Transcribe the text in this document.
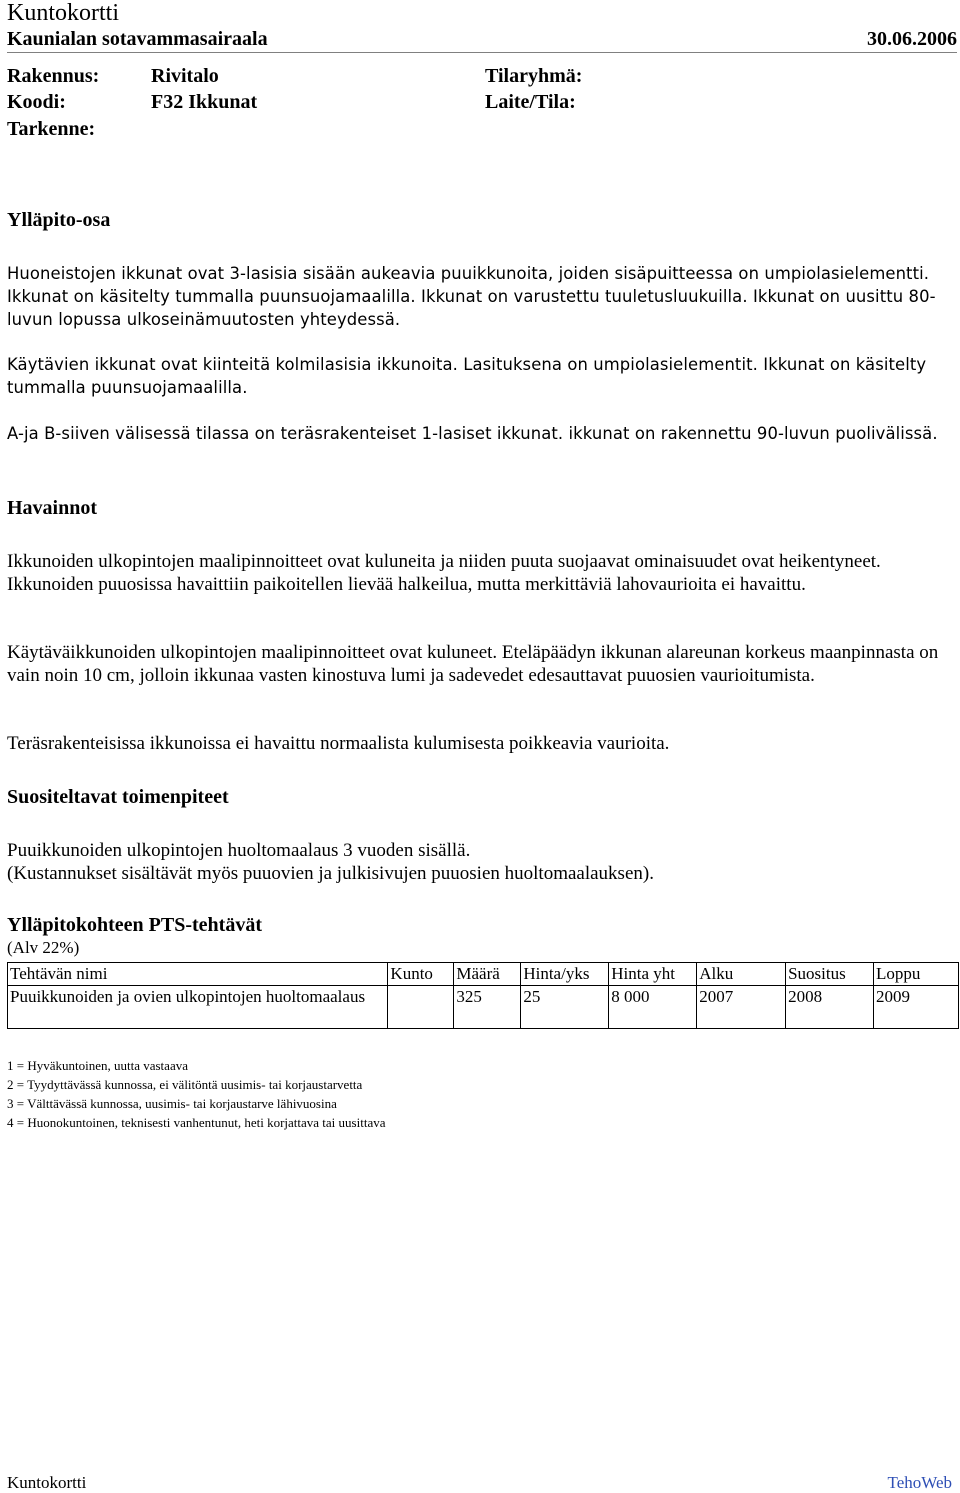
Kuntokortti
Kaunialan sotavammasairaala	30.06.2006
Rakennus:	Rivitalo	Tilaryhmä:
Koodi:	F32 Ikkunat	Laite/Tila:
Tarkenne:
Ylläpito-osa

Huoneistojen ikkunat ovat 3-lasisia sisään aukeavia puuikkunoita, joiden sisäpuitteessa on umpiolasielementti. Ikkunat on käsitelty tummalla puunsuojamaalilla. Ikkunat on varustettu tuuletusluukuilla. Ikkunat on uusittu 80-luvun lopussa ulkoseinämuutosten yhteydessä.

Käytävien ikkunat ovat kiinteitä kolmilasisia ikkunoita. Lasituksena on umpiolasielementit. Ikkunat on käsitelty tummalla puunsuojamaalilla.

A-ja B-siiven välisessä tilassa on teräsrakenteiset 1-lasiset ikkunat. ikkunat on rakennettu 90-luvun puolivälissä.

Havainnot

Ikkunoiden ulkopintojen maalipinnoitteet ovat kuluneita ja niiden puuta suojaavat ominaisuudet ovat heikentyneet. Ikkunoiden puuosissa havaittiin paikoitellen lievää halkeilua, mutta merkittäviä lahovaurioita ei havaittu.

Käytäväikkunoiden ulkopintojen maalipinnoitteet ovat kuluneet. Eteläpäädyn ikkunan alareunan korkeus maanpinnasta on vain noin 10 cm, jolloin ikkunaa vasten kinostuva lumi ja sadevedet edesauttavat puuosien vaurioitumista.

Teräsrakenteisissa ikkunoissa ei havaittu normaalista kulumisesta poikkeavia vaurioita.

Suositeltavat toimenpiteet

Puuikkunoiden ulkopintojen huoltomaalaus 3 vuoden sisällä.

(Kustannukset sisältävät myös puuovien ja julkisivujen puuosien huoltomaalauksen).

Ylläpitokohteen PTS-tehtävät
(Alv 22%)
Tehtävän nimi	Kunto	Määrä	Hinta/yks	Hinta yht	Alku	Suositus	Loppu
Puuikkunoiden ja ovien ulkopintojen huoltomaalaus		325	25	8 000	2007	2008	2009
1 = Hyväkuntoinen, uutta vastaava
2 = Tyydyttävässä kunnossa, ei välitöntä uusimis- tai korjaustarvetta
3 = Välttävässä kunnossa, uusimis- tai korjaustarve lähivuosina
4 = Huonokuntoinen, teknisesti vanhentunut, heti korjattava tai uusittava
Kuntokortti	TehoWeb
